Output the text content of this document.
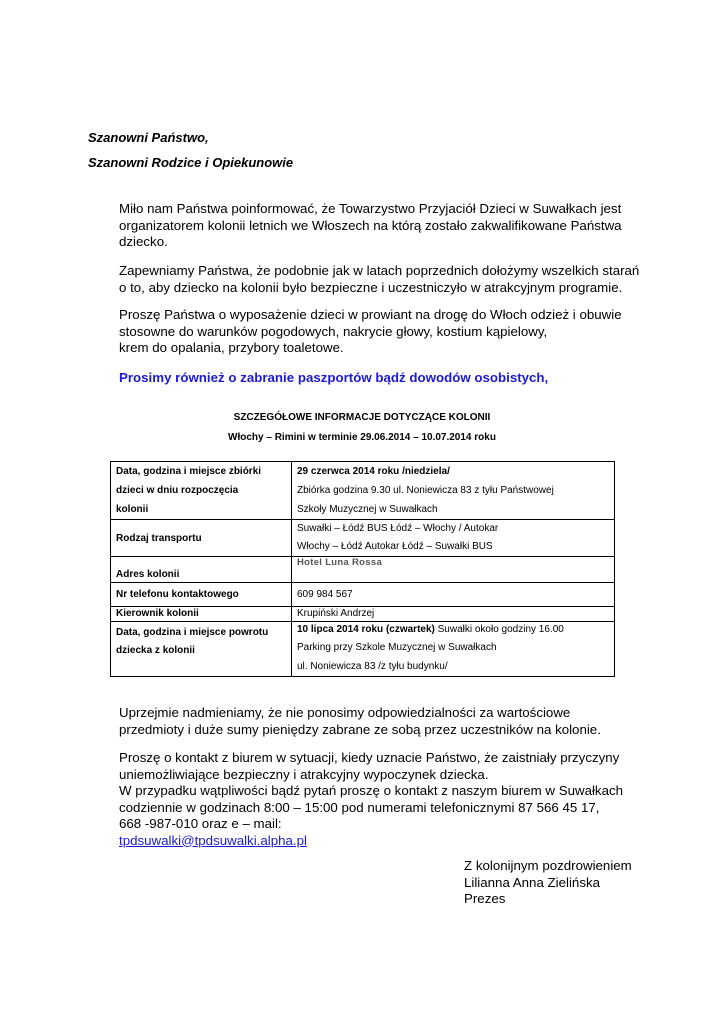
Szanowni Państwo,
Szanowni Rodzice i Opiekunowie
Miło nam Państwa poinformować, że Towarzystwo Przyjaciół Dzieci w Suwałkach jest
organizatorem kolonii letnich we Włoszech na którą zostało zakwalifikowane Państwa
dziecko.
Zapewniamy Państwa, że podobnie jak w latach poprzednich dołożymy wszelkich starań
o to, aby dziecko na kolonii było bezpieczne i uczestniczyło w atrakcyjnym programie.
Proszę Państwa o wyposażenie dzieci w prowiant na drogę do Włoch odzież i obuwie
stosowne do warunków pogodowych, nakrycie głowy, kostium kąpielowy,
krem do opalania, przybory toaletowe.
Prosimy również o zabranie paszportów bądź dowodów osobistych,
SZCZEGÓŁOWE INFORMACJE DOTYCZĄCE KOLONII
Włochy – Rimini w terminie 29.06.2014 – 10.07.2014 roku
Data, godzina i miejsce zbiórki
dzieci w dniu rozpoczęcia
kolonii	29 czerwca 2014 roku /niedziela/
Zbiórka godzina 9.30 ul. Noniewicza 83 z tyłu Państwowej
Szkoły Muzycznej w Suwałkach

Rodzaj transportu	Suwałki – Łódź BUS Łódź – Włochy / Autokar
Włochy – Łódź Autokar Łódź – Suwałki BUS

Adres kolonii	Hotel Luna Rossa

Nr telefonu kontaktowego	609 984 567
Kierownik kolonii	Krupiński Andrzej

Data, godzina i miejsce powrotu
dziecka z kolonii	10 lipca 2014 roku (czwartek) Suwałki około godziny 16.00
Parking przy Szkole Muzycznej w Suwałkach
ul. Noniewicza 83 /z tyłu budynku/
Uprzejmie nadmieniamy, że nie ponosimy odpowiedzialności za wartościowe
przedmioty i duże sumy pieniędzy zabrane ze sobą przez uczestników na kolonie.
Proszę o kontakt z biurem w sytuacji, kiedy uznacie Państwo, że zaistniały przyczyny
uniemożliwiające bezpieczny i atrakcyjny wypoczynek dziecka.
W przypadku wątpliwości bądź pytań proszę o kontakt z naszym biurem w Suwałkach
codziennie w godzinach 8:00 – 15:00 pod numerami telefonicznymi 87 566 45 17,
668 -987-010 oraz e – mail:
tpdsuwalki@tpdsuwalki.alpha.pl
Z kolonijnym pozdrowieniem
Lilianna Anna Zielińska
Prezes
